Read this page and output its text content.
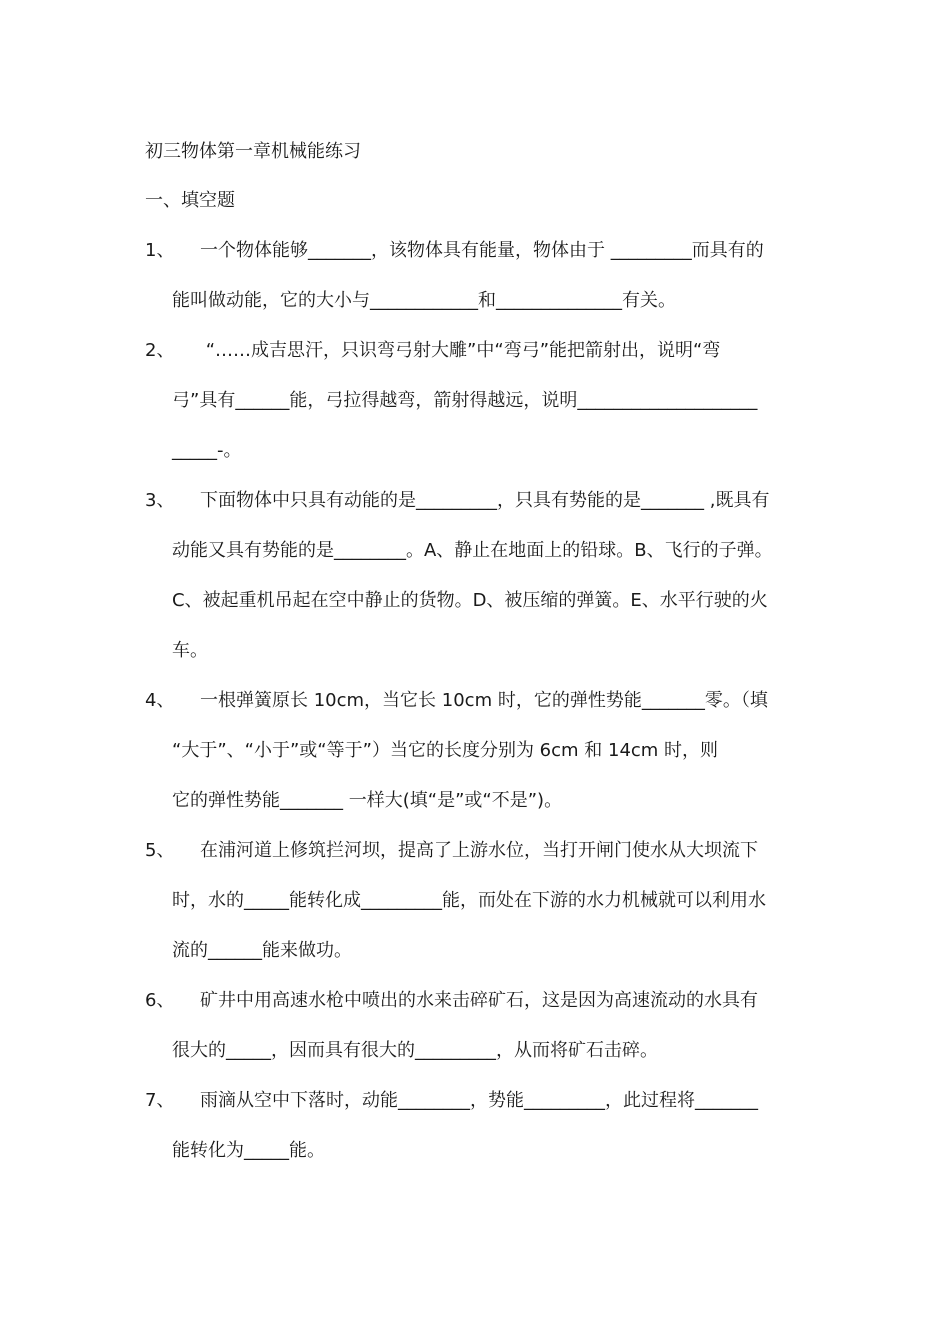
初三物体第一章机械能练习
一、填空题
1、 一个物体能够_______，该物体具有能量，物体由于 _________而具有的
能叫做动能，它的大小与____________和______________有关。
2、 “……成吉思汗，只识弯弓射大雕”中“弯弓”能把箭射出，说明“弯
弓”具有______能，弓拉得越弯，箭射得越远，说明____________________
_____-。
3、 下面物体中只具有动能的是_________，只具有势能的是_______ ,既具有
动能又具有势能的是________。A、静止在地面上的铅球。B、飞行的子弹。
C、被起重机吊起在空中静止的货物。D、被压缩的弹簧。E、水平行驶的火
车。
4、 一根弹簧原长 10cm，当它长 10cm 时，它的弹性势能_______零。（填
“大于”、“小于”或“等于”）当它的长度分别为 6cm 和 14cm 时，则
它的弹性势能_______ 一样大(填“是”或“不是”)。
5、 在浦河道上修筑拦河坝，提高了上游水位，当打开闸门使水从大坝流下
时，水的_____能转化成_________能，而处在下游的水力机械就可以利用水
流的______能来做功。
6、 矿井中用高速水枪中喷出的水来击碎矿石，这是因为高速流动的水具有
很大的_____，因而具有很大的_________，从而将矿石击碎。
7、 雨滴从空中下落时，动能________，势能_________，此过程将_______
能转化为_____能。
